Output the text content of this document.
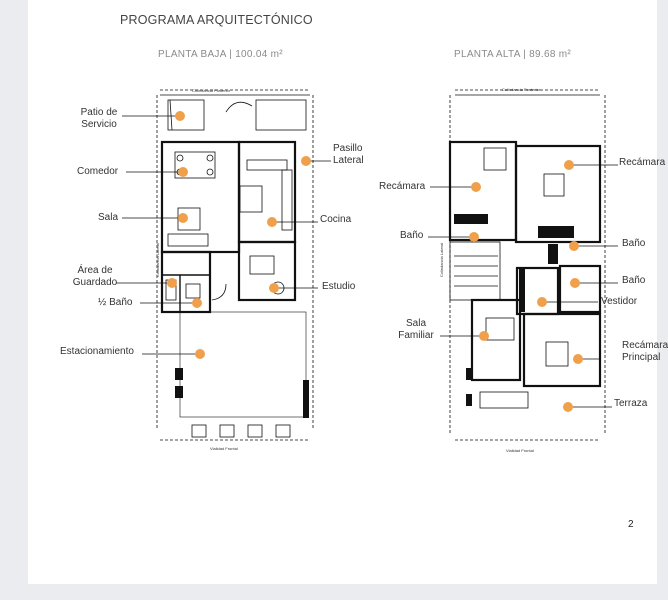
PROGRAMA ARQUITECTÓNICO
PLANTA BAJA | 100.04 m²	PLANTA ALTA | 89.68 m²
Colindancia Posterior
Vialidad Frontal
Colindancia Lateral
Colindancia Posterior
Vialidad Frontal
Colindancia Lateral
Patio de
Servicio
Comedor
Sala
Área de
Guardado
½ Baño
Estacionamiento
Pasillo
Lateral
Cocina
Estudio
Recámara
Baño
Sala
Familiar
Recámara
Baño
Baño
Vestidor
Recámara
Principal
Terraza
2
